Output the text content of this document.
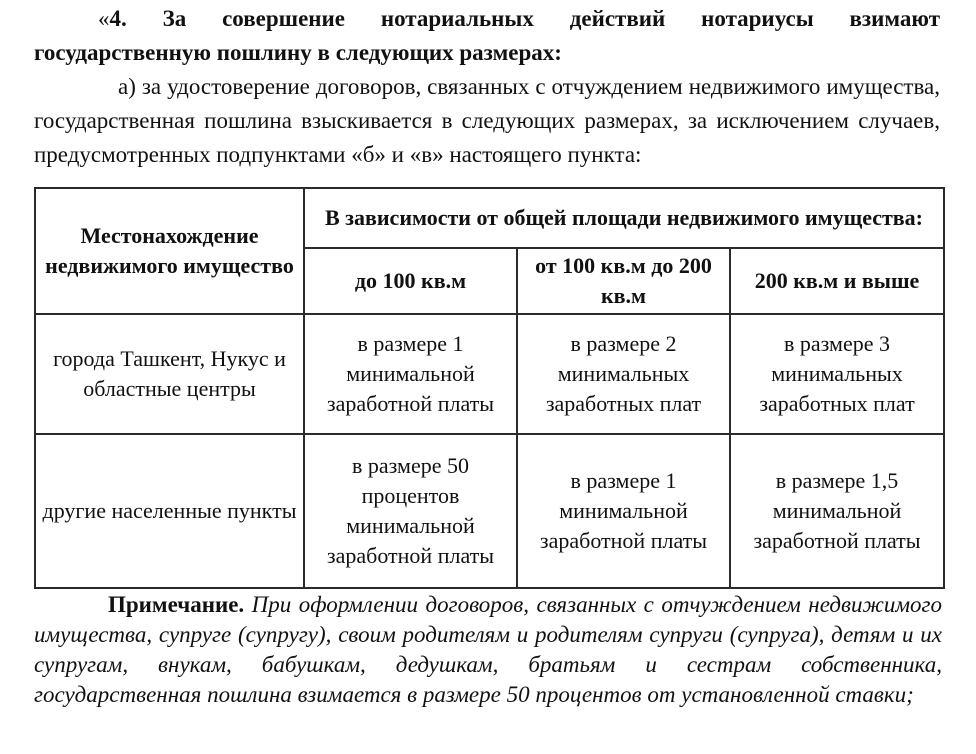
«4. За совершение нотариальных действий нотариусы взимают государственную пошлину в следующих размерах:
а) за удостоверение договоров, связанных с отчуждением недвижимого имущества, государственная пошлина взыскивается в следующих размерах, за исключением случаев, предусмотренных подпунктами «б» и «в» настоящего пункта:
Местонахождение недвижимого имущество	В зависимости от общей площади недвижимого имущества:		
	до 100 кв.м	от 100 кв.м до 200 кв.м	200 кв.м и выше
города Ташкент, Нукус и областные центры	в размере 1 минимальной заработной платы	в размере 2 минимальных заработных плат	в размере 3 минимальных заработных плат
другие населенные пункты	в размере 50 процентов минимальной заработной платы	в размере 1 минимальной заработной платы	в размере 1,5 минимальной заработной платы
Примечание. При оформлении договоров, связанных с отчуждением недвижимого имущества, супруге (супругу), своим родителям и родителям супруги (супруга), детям и их супругам, внукам, бабушкам, дедушкам, братьям и сестрам собственника, государственная пошлина взимается в размере 50 процентов от установленной ставки;
